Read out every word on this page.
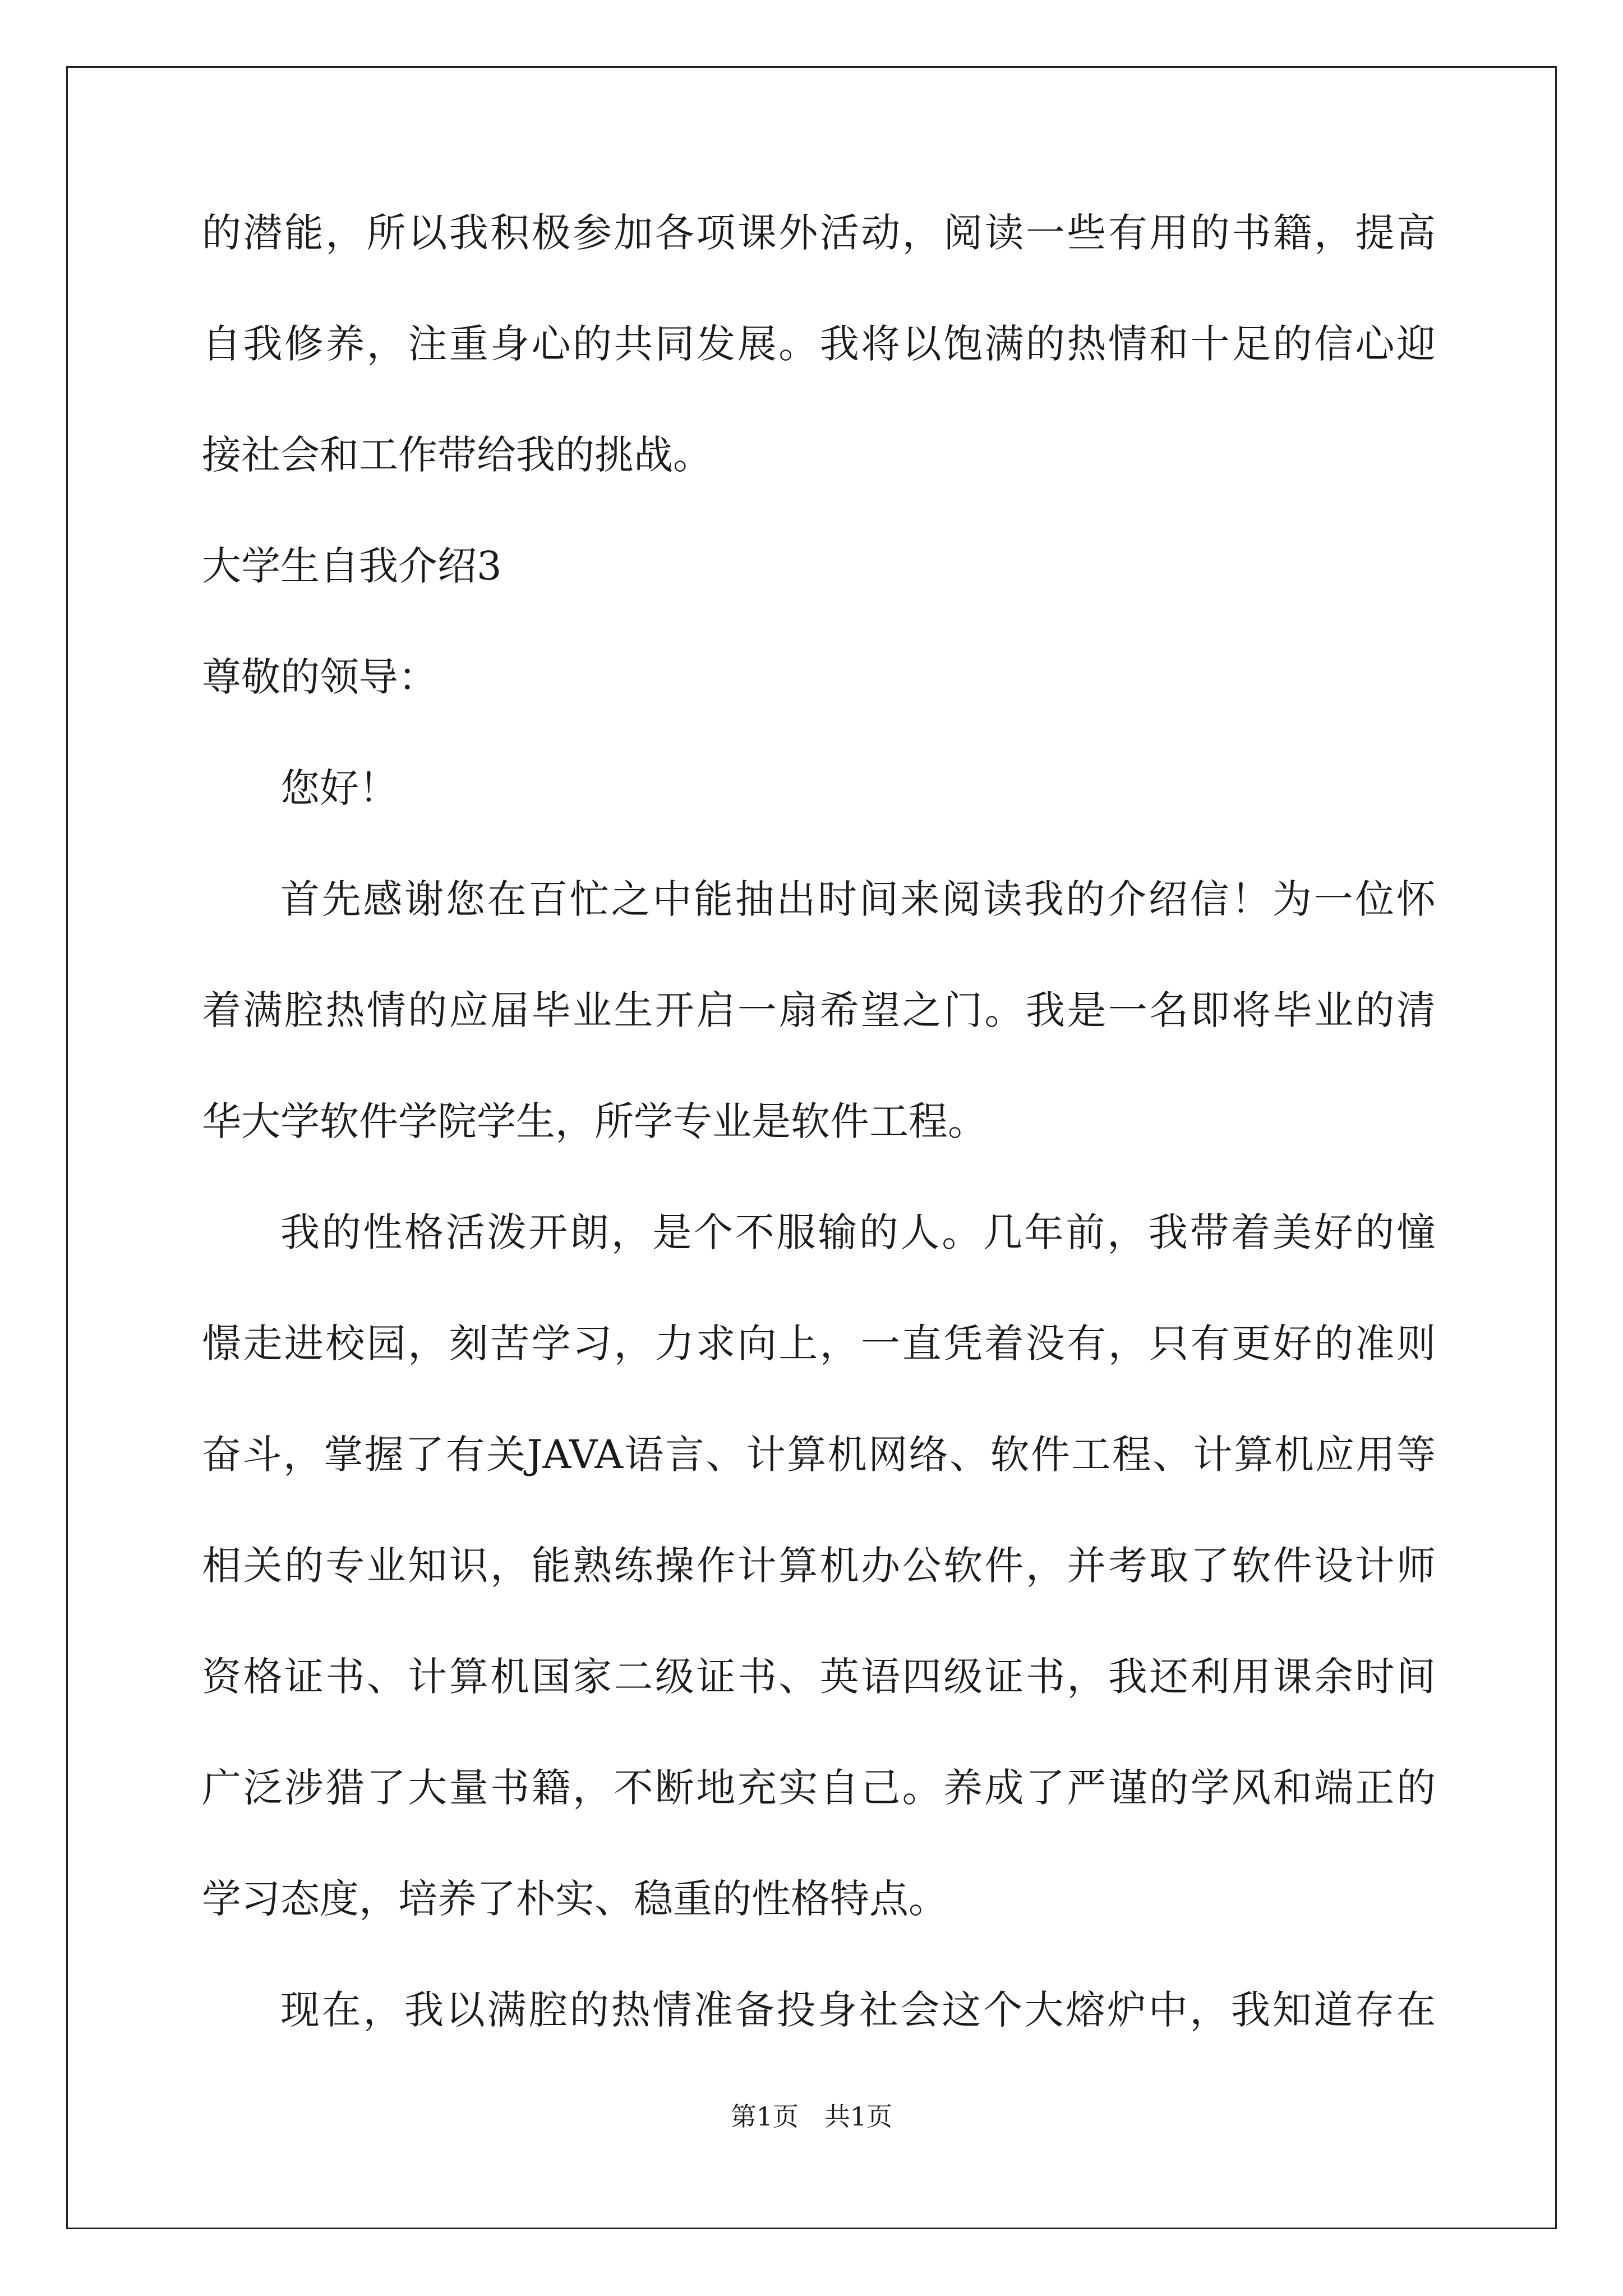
的潜能，所以我积极参加各项课外活动，阅读一些有用的书籍，提高

自我修养，注重身心的共同发展。我将以饱满的热情和十足的信心迎

接社会和工作带给我的挑战。

大学生自我介绍3

尊敬的领导：

您好！

首先感谢您在百忙之中能抽出时间来阅读我的介绍信！为一位怀

着满腔热情的应届毕业生开启一扇希望之门。我是一名即将毕业的清

华大学软件学院学生，所学专业是软件工程。

我的性格活泼开朗，是个不服输的人。几年前，我带着美好的憧

憬走进校园，刻苦学习，力求向上，一直凭着没有，只有更好的准则

奋斗，掌握了有关JAVA语言、计算机网络、软件工程、计算机应用等

相关的专业知识，能熟练操作计算机办公软件，并考取了软件设计师

资格证书、计算机国家二级证书、英语四级证书，我还利用课余时间

广泛涉猎了大量书籍，不断地充实自己。养成了严谨的学风和端正的

学习态度，培养了朴实、稳重的性格特点。

现在，我以满腔的热情准备投身社会这个大熔炉中，我知道存在

第1页　共1页
